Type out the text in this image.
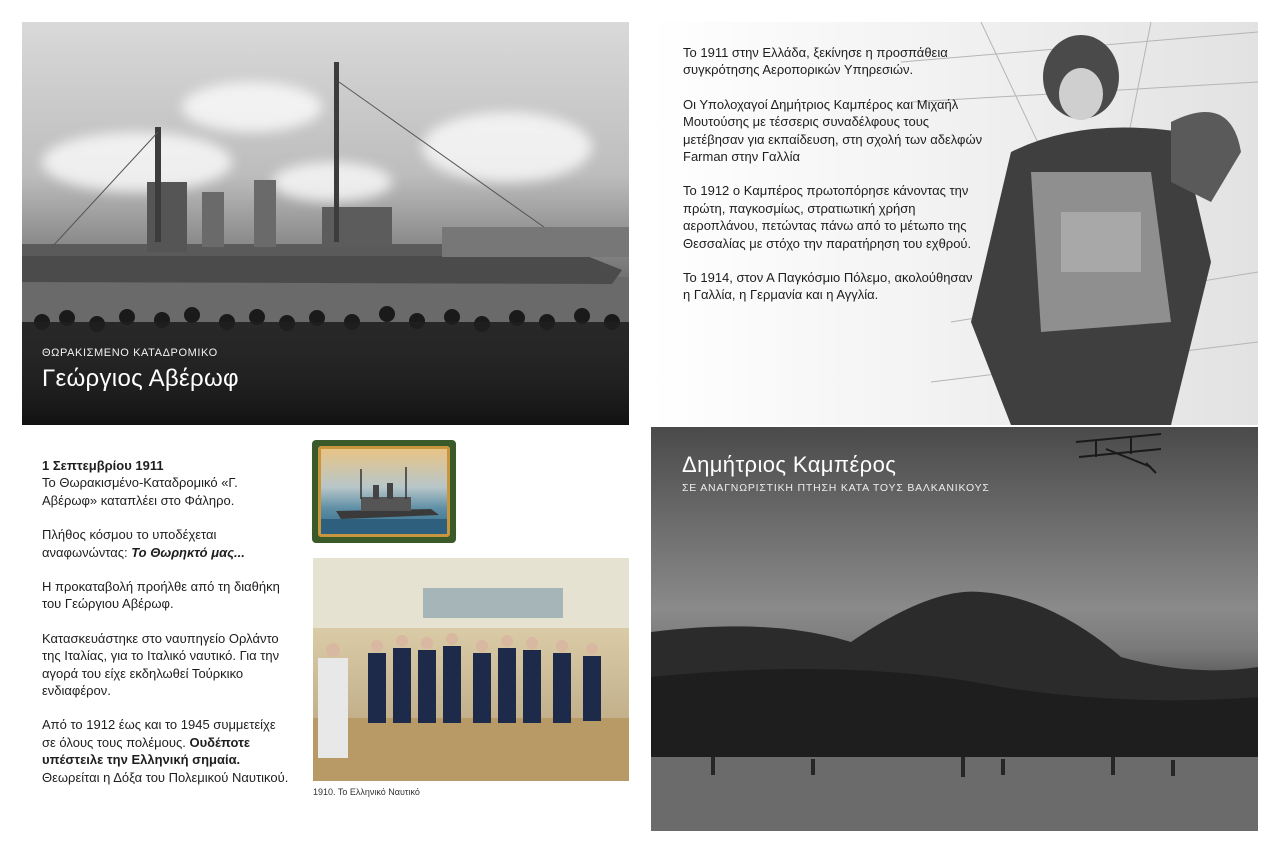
ΘΩΡΑΚΙΣΜΕΝΟ ΚΑΤΑΔΡΟΜΙΚΟ
Γεώργιος Αβέρωφ

Το 1911 στην Ελλάδα, ξεκίνησε η προσπάθεια συγκρότησης Αεροπορικών Υπηρεσιών.

Οι Υπολοχαγοί Δημήτριος Καμπέρος και Μιχαήλ Μουτούσης με τέσσερις συναδέλφους τους μετέβησαν για εκπαίδευση, στη σχολή των αδελφών Farman στην Γαλλία

Το 1912 ο Καμπέρος πρωτοπόρησε κάνοντας την πρώτη, παγκοσμίως, στρατιωτική χρήση αεροπλάνου, πετώντας πάνω από το μέτωπο της Θεσσαλίας με στόχο την παρατήρηση του εχθρού.

Το 1914, στον Α Παγκόσμιο Πόλεμο, ακολούθησαν η Γαλλία, η Γερμανία και η Αγγλία.

1 Σεπτεμβρίου 1911
Το Θωρακισμένο-Καταδρομικό «Γ. Αβέρωφ» καταπλέει στο Φάληρο.

Πλήθος κόσμου το υποδέχεται αναφωνώντας: Το Θωρηκτό μας...

Η προκαταβολή προήλθε από τη διαθήκη του Γεώργιου Αβέρωφ.

Κατασκευάστηκε στο ναυπηγείο Ορλάντο της Ιταλίας, για το Ιταλικό ναυτικό. Για την αγορά του είχε εκδηλωθεί Τούρκικο ενδιαφέρον.

Από το 1912 έως και το 1945 συμμετείχε σε όλους τους πολέμους. Ουδέποτε υπέστειλε την Ελληνική σημαία. Θεωρείται η Δόξα του Πολεμικού Ναυτικού.

1910. Το Ελληνικό Ναυτικό
Δημήτριος Καμπέρος
ΣΕ ΑΝΑΓΝΩΡΙΣΤΙΚΗ ΠΤΗΣΗ ΚΑΤΑ ΤΟΥΣ ΒΑΛΚΑΝΙΚΟΥΣ
